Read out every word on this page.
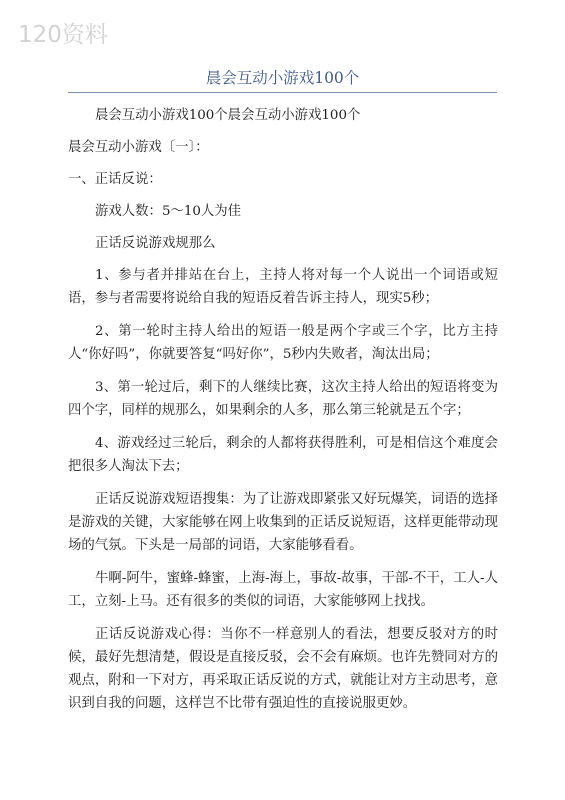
120资料
晨会互动小游戏100个

晨会互动小游戏100个晨会互动小游戏100个

晨会互动小游戏〔一〕：

一、正话反说：

游戏人数：5～10人为佳

正话反说游戏规那么

1、参与者并排站在台上，主持人将对每一个人说出一个词语或短语，参与者需要将说给自我的短语反着告诉主持人，现实5秒；

2、第一轮时主持人给出的短语一般是两个字或三个字，比方主持人“你好吗”，你就要答复“吗好你”，5秒内失败者，淘汰出局；

3、第一轮过后，剩下的人继续比赛，这次主持人给出的短语将变为四个字，同样的规那么，如果剩余的人多，那么第三轮就是五个字；

4、游戏经过三轮后，剩余的人都将获得胜利，可是相信这个难度会把很多人淘汰下去；

正话反说游戏短语搜集：为了让游戏即紧张又好玩爆笑，词语的选择是游戏的关键，大家能够在网上收集到的正话反说短语，这样更能带动现场的气氛。下头是一局部的词语，大家能够看看。

牛啊-阿牛，蜜蜂-蜂蜜，上海-海上，事故-故事，干部-不干，工人-人工，立刻-上马。还有很多的类似的词语，大家能够网上找找。

正话反说游戏心得：当你不一样意别人的看法，想要反驳对方的时候，最好先想清楚，假设是直接反驳，会不会有麻烦。也许先赞同对方的观点，附和一下对方，再采取正话反说的方式，就能让对方主动思考，意识到自我的问题，这样岂不比带有强迫性的直接说服更妙。
